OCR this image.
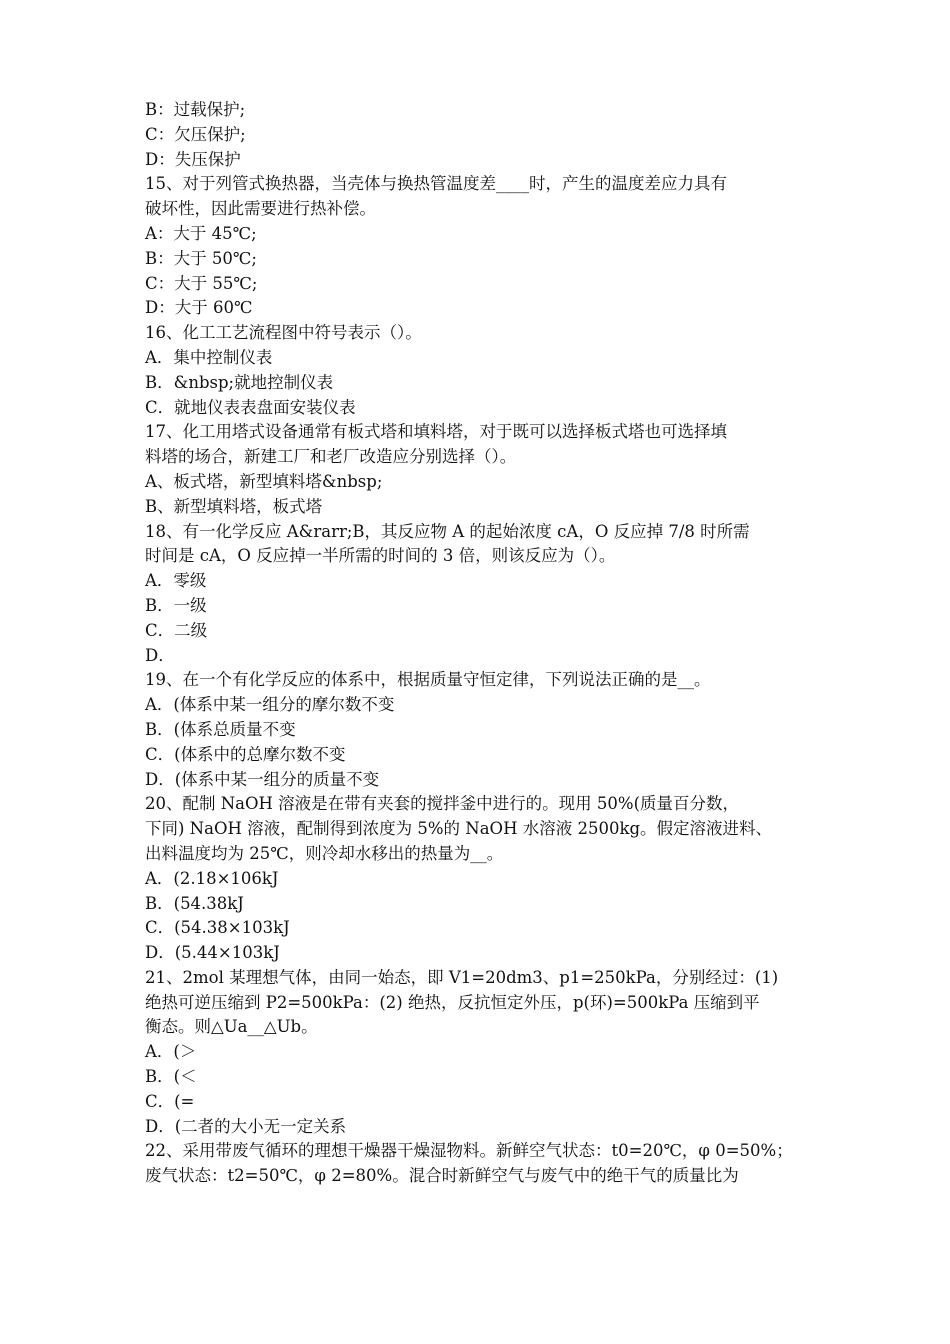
B：过载保护;

C：欠压保护;

D：失压保护

15、对于列管式换热器，当壳体与换热管温度差____时，产生的温度差应力具有

破坏性，因此需要进行热补偿。

A：大于 45℃;

B：大于 50℃;

C：大于 55℃;

D：大于 60℃

16、化工工艺流程图中符号表示（）。

A．集中控制仪表

B．&nbsp;就地控制仪表

C．就地仪表表盘面安装仪表

17、化工用塔式设备通常有板式塔和填料塔，对于既可以选择板式塔也可选择填

料塔的场合，新建工厂和老厂改造应分别选择（）。

A、板式塔，新型填料塔&nbsp;

B、新型填料塔，板式塔

18、有一化学反应 A&rarr;B，其反应物 A 的起始浓度 cA，O 反应掉 7/8 时所需

时间是 cA，O 反应掉一半所需的时间的 3 倍，则该反应为（）。

A．零级

B．一级

C．二级

D．

19、在一个有化学反应的体系中，根据质量守恒定律，下列说法正确的是__。

A．(体系中某一组分的摩尔数不变

B．(体系总质量不变

C．(体系中的总摩尔数不变

D．(体系中某一组分的质量不变

20、配制 NaOH 溶液是在带有夹套的搅拌釜中进行的。现用 50%(质量百分数，

下同) NaOH 溶液，配制得到浓度为 5%的 NaOH 水溶液 2500kg。假定溶液进料、

出料温度均为 25℃，则冷却水移出的热量为__。

A．(2.18×106kJ

B．(54.38kJ

C．(54.38×103kJ

D．(5.44×103kJ

21、2mol 某理想气体，由同一始态，即 V1=20dm3、p1=250kPa，分别经过：(1)

绝热可逆压缩到 P2=500kPa：(2) 绝热，反抗恒定外压，p(环)=500kPa 压缩到平

衡态。则△Ua__△Ub。

A．(＞

B．(＜

C．(=

D．(二者的大小无一定关系

22、采用带废气循环的理想干燥器干燥湿物料。新鲜空气状态：t0=20℃，φ 0=50%；

废气状态：t2=50℃，φ 2=80%。混合时新鲜空气与废气中的绝干气的质量比为
